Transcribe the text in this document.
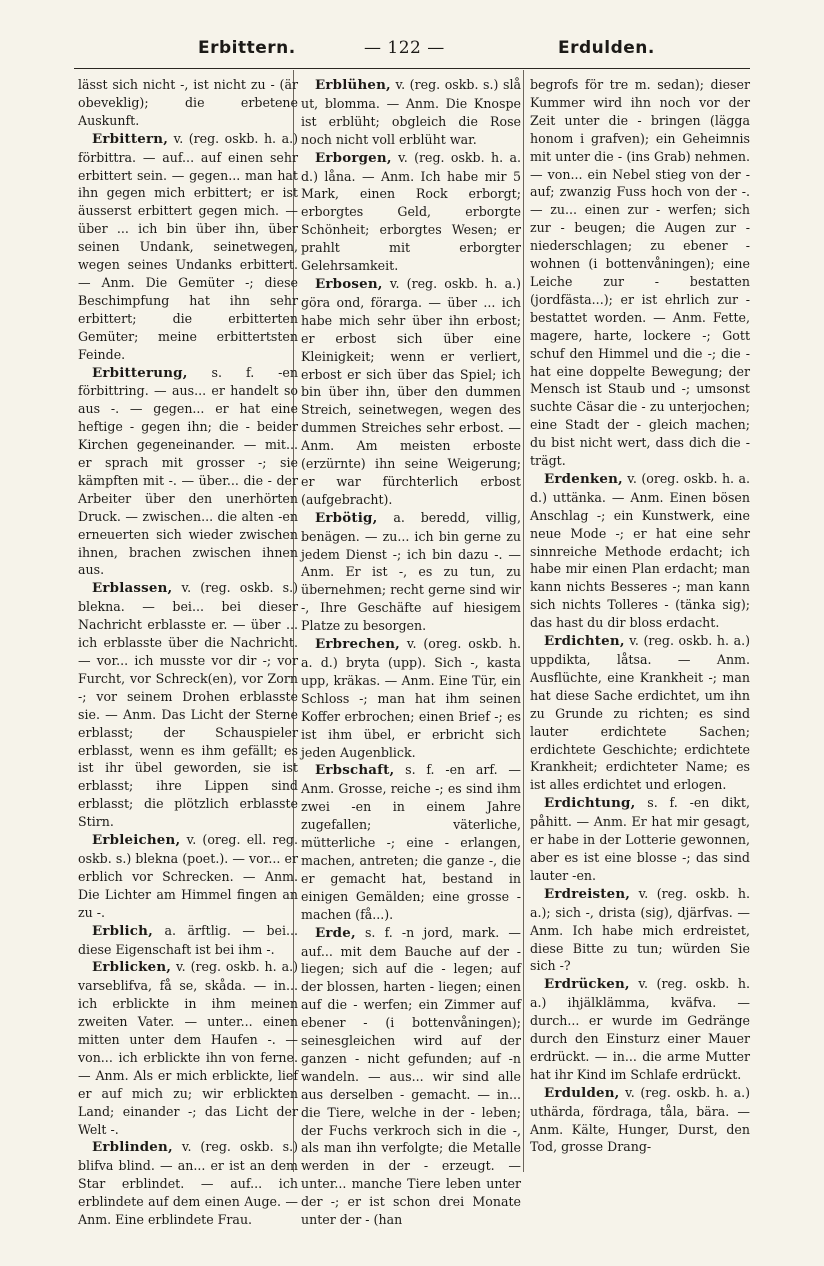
Erbittern.	— 122 —	Erdulden.

lässt sich nicht -, ist nicht zu - (är obeveklig); die erbetene Auskunft.

Erbittern, v. (reg. oskb. h. a.) förbittra. — auf... auf einen sehr erbittert sein. — gegen... man hat ihn gegen mich erbittert; er ist äusserst erbittert gegen mich. — über ... ich bin über ihn, über seinen Undank, seinetwegen, wegen seines Undanks erbittert. — Anm. Die Gemüter -; diese Beschimpfung hat ihn sehr erbittert; die erbitterten Gemüter; meine erbittertsten Feinde.

Erbitterung, s. f. -en förbittring. — aus... er handelt so aus -. — gegen... er hat eine heftige - gegen ihn; die - beider Kirchen gegeneinander. — mit... er sprach mit grosser -; sie kämpften mit -. — über... die - der Arbeiter über den unerhörten Druck. — zwischen... die alten -en erneuerten sich wieder zwischen ihnen, brachen zwischen ihnen aus.

Erblassen, v. (reg. oskb. s.) blekna. — bei... bei dieser Nachricht erblasste er. — über ... ich erblasste über die Nachricht. — vor... ich musste vor dir -; vor Furcht, vor Schreck(en), vor Zorn -; vor seinem Drohen erblasste sie. — Anm. Das Licht der Sterne erblasst; der Schauspieler erblasst, wenn es ihm gefällt; es ist ihr übel geworden, sie ist erblasst; ihre Lippen sind erblasst; die plötzlich erblasste Stirn.

Erbleichen, v. (oreg. ell. reg. oskb. s.) blekna (poet.). — vor... er erblich vor Schrecken. — Anm. Die Lichter am Himmel fingen an zu -.

Erblich, a. ärftlig. — bei... diese Eigenschaft ist bei ihm -.

Erblicken, v. (reg. oskb. h. a.) varseblifva, få se, skåda. — in... ich erblickte in ihm meinen zweiten Vater. — unter... einen mitten unter dem Haufen -. — von... ich erblickte ihn von ferne. — Anm. Als er mich erblickte, lief er auf mich zu; wir erblickten Land; einander -; das Licht der Welt -.

Erblinden, v. (reg. oskb. s.) blifva blind. — an... er ist an dem Star erblindet. — auf... ich erblindete auf dem einen Auge. — Anm. Eine erblindete Frau.

Erblühen, v. (reg. oskb. s.) slå ut, blomma. — Anm. Die Knospe ist erblüht; obgleich die Rose noch nicht voll erblüht war.

Erborgen, v. (reg. oskb. h. a. d.) låna. — Anm. Ich habe mir 5 Mark, einen Rock erborgt; erborgtes Geld, erborgte Schönheit; erborgtes Wesen; er prahlt mit erborgter Gelehrsamkeit.

Erbosen, v. (reg. oskb. h. a.) göra ond, förarga. — über ... ich habe mich sehr über ihn erbost; er erbost sich über eine Kleinigkeit; wenn er verliert, erbost er sich über das Spiel; ich bin über ihn, über den dummen Streich, seinetwegen, wegen des dummen Streiches sehr erbost. — Anm. Am meisten erboste (erzürnte) ihn seine Weigerung; er war fürchterlich erbost (aufgebracht).

Erbötig, a. beredd, villig, benägen. — zu... ich bin gerne zu jedem Dienst -; ich bin dazu -. — Anm. Er ist -, es zu tun, zu übernehmen; recht gerne sind wir -, Ihre Geschäfte auf hiesigem Platze zu besorgen.

Erbrechen, v. (oreg. oskb. h. a. d.) bryta (upp). Sich -, kasta upp, kräkas. — Anm. Eine Tür, ein Schloss -; man hat ihm seinen Koffer erbrochen; einen Brief -; es ist ihm übel, er erbricht sich jeden Augenblick.

Erbschaft, s. f. -en arf. — Anm. Grosse, reiche -; es sind ihm zwei -en in einem Jahre zugefallen; väterliche, mütterliche -; eine - erlangen, machen, antreten; die ganze -, die er gemacht hat, bestand in einigen Gemälden; eine grosse - machen (få...).

Erde, s. f. -n jord, mark. — auf... mit dem Bauche auf der - liegen; sich auf die - legen; auf der blossen, harten - liegen; einen auf die - werfen; ein Zimmer auf ebener - (i bottenvåningen); seinesgleichen wird auf der ganzen - nicht gefunden; auf -n wandeln. — aus... wir sind alle aus derselben - gemacht. — in... die Tiere, welche in der - leben; der Fuchs verkroch sich in die -, als man ihn verfolgte; die Metalle werden in der - erzeugt. — unter... manche Tiere leben unter der -; er ist schon drei Monate unter der - (han

begrofs för tre m. sedan); dieser Kummer wird ihn noch vor der Zeit unter die - bringen (lägga honom i grafven); ein Geheimnis mit unter die - (ins Grab) nehmen. — von... ein Nebel stieg von der - auf; zwanzig Fuss hoch von der -. — zu... einen zur - werfen; sich zur - beugen; die Augen zur - niederschlagen; zu ebener - wohnen (i bottenvåningen); eine Leiche zur - bestatten (jordfästa...); er ist ehrlich zur - bestattet worden. — Anm. Fette, magere, harte, lockere -; Gott schuf den Himmel und die -; die - hat eine doppelte Bewegung; der Mensch ist Staub und -; umsonst suchte Cäsar die - zu unterjochen; eine Stadt der - gleich machen; du bist nicht wert, dass dich die - trägt.

Erdenken, v. (oreg. oskb. h. a. d.) uttänka. — Anm. Einen bösen Anschlag -; ein Kunstwerk, eine neue Mode -; er hat eine sehr sinnreiche Methode erdacht; ich habe mir einen Plan erdacht; man kann nichts Besseres -; man kann sich nichts Tolleres - (tänka sig); das hast du dir bloss erdacht.

Erdichten, v. (reg. oskb. h. a.) uppdikta, låtsa. — Anm. Ausflüchte, eine Krankheit -; man hat diese Sache erdichtet, um ihn zu Grunde zu richten; es sind lauter erdichtete Sachen; erdichtete Geschichte; erdichtete Krankheit; erdichteter Name; es ist alles erdichtet und erlogen.

Erdichtung, s. f. -en dikt, påhitt. — Anm. Er hat mir gesagt, er habe in der Lotterie gewonnen, aber es ist eine blosse -; das sind lauter -en.

Erdreisten, v. (reg. oskb. h. a.); sich -, drista (sig), djärfvas. — Anm. Ich habe mich erdreistet, diese Bitte zu tun; würden Sie sich -?

Erdrücken, v. (reg. oskb. h. a.) ihjälklämma, kväfva. — durch... er wurde im Gedränge durch den Einsturz einer Mauer erdrückt. — in... die arme Mutter hat ihr Kind im Schlafe erdrückt.

Erdulden, v. (reg. oskb. h. a.) uthärda, fördraga, tåla, bära. — Anm. Kälte, Hunger, Durst, den Tod, grosse Drang-
